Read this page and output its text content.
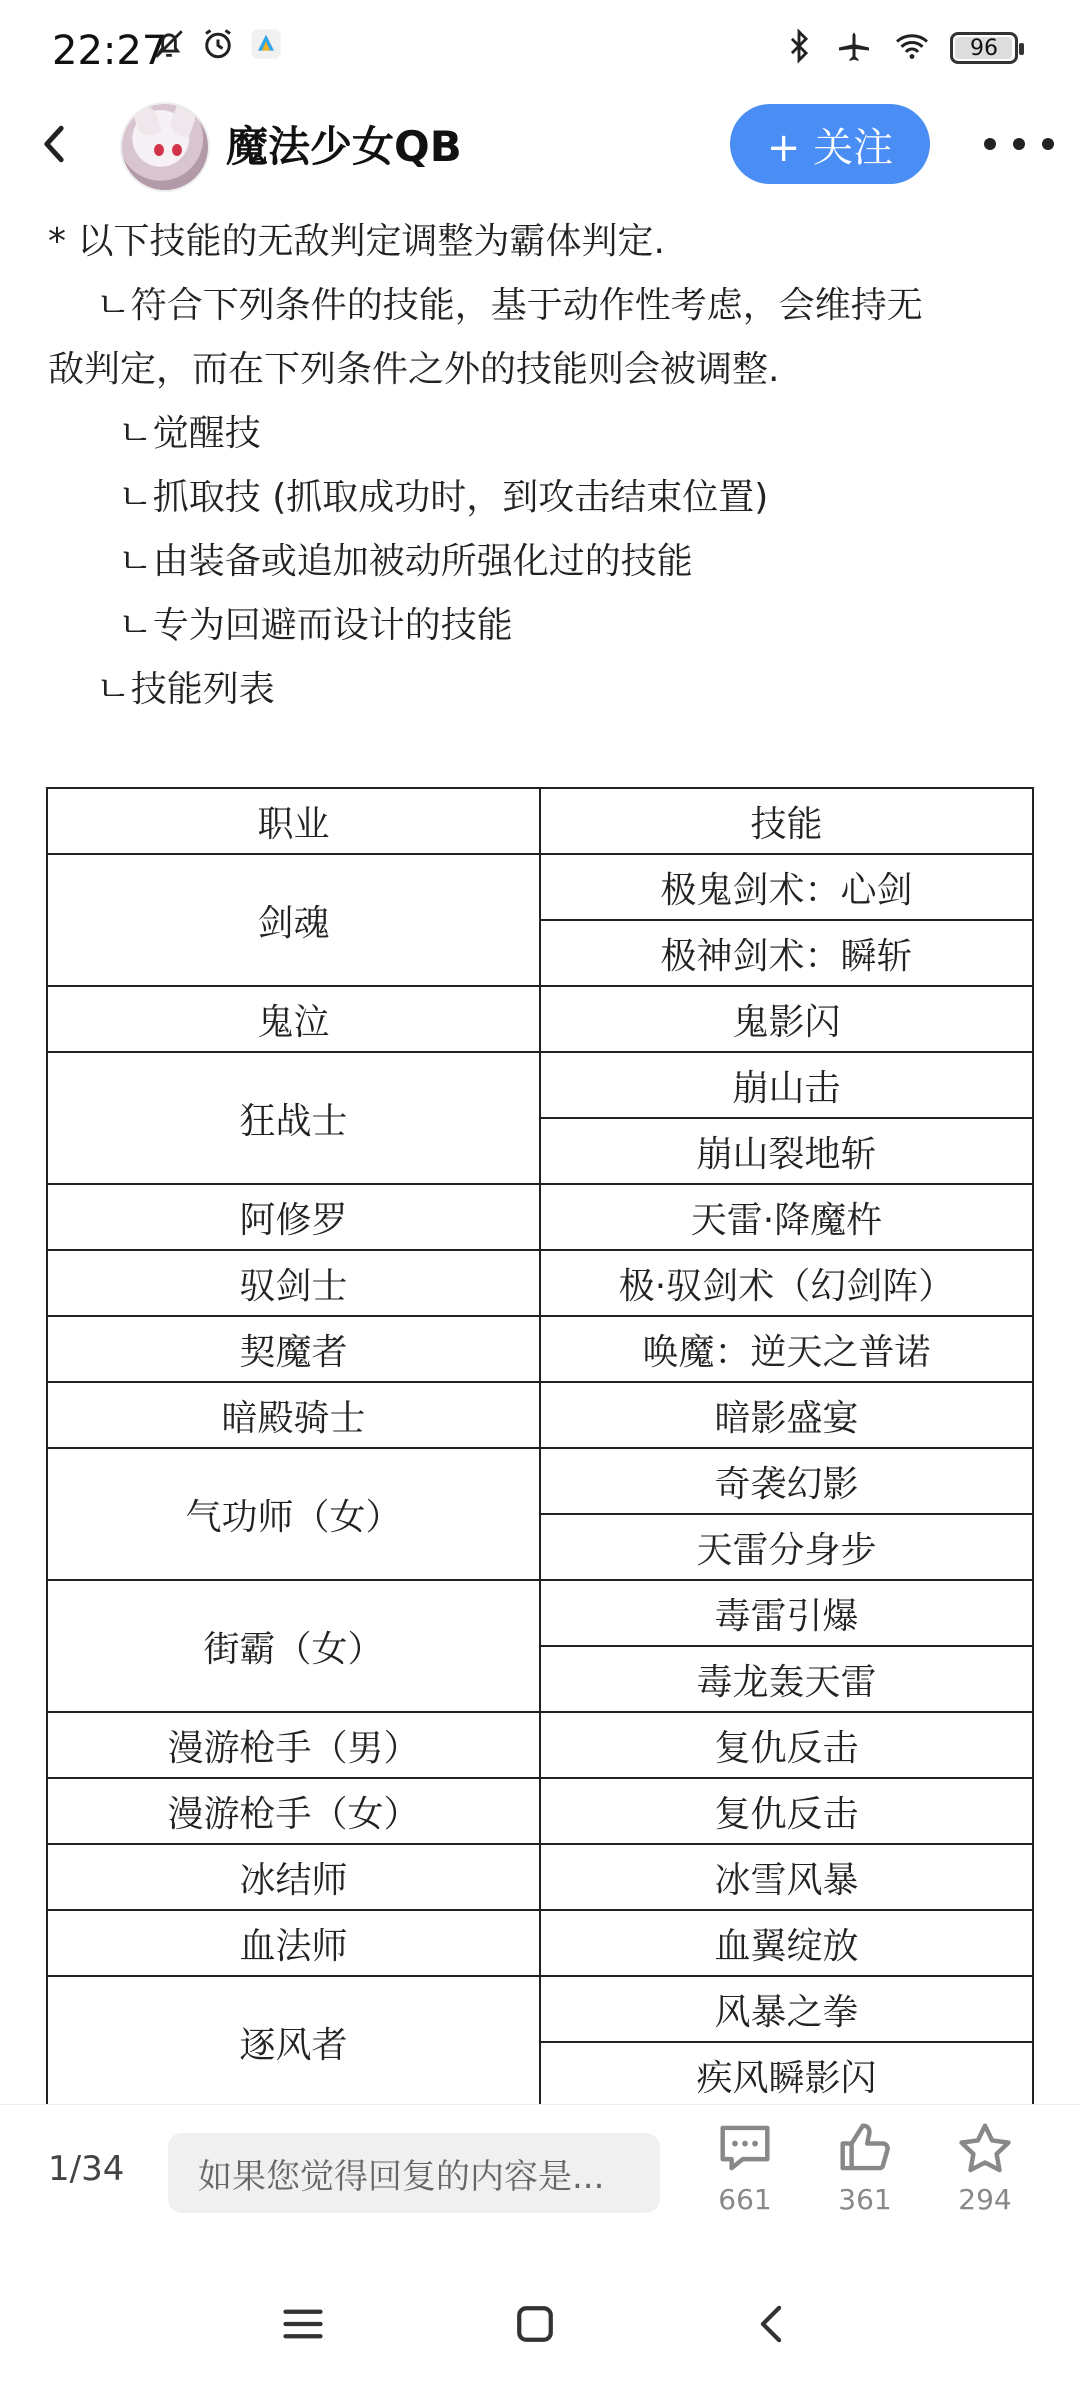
22:27	96
魔法少女QB	+ 关注
* 以下技能的无敌判定调整为霸体判定.
ㄴ符合下列条件的技能，基于动作性考虑，会维持无
敌判定，而在下列条件之外的技能则会被调整.
ㄴ觉醒技
ㄴ抓取技 (抓取成功时，到攻击结束位置)
ㄴ由装备或追加被动所强化过的技能
ㄴ专为回避而设计的技能
ㄴ技能列表
职业	技能
剑魂	极鬼剑术：心剑
	极神剑术：瞬斩
鬼泣	鬼影闪
狂战士	崩山击
	崩山裂地斩
阿修罗	天雷·降魔杵
驭剑士	极·驭剑术（幻剑阵）
契魔者	唤魔：逆天之普诺
暗殿骑士	暗影盛宴
气功师（女）	奇袭幻影
	天雷分身步
街霸（女）	毒雷引爆
	毒龙轰天雷
漫游枪手（男）	复仇反击
漫游枪手（女）	复仇反击
冰结师	冰雪风暴
血法师	血翼绽放
逐风者	风暴之拳
	疾风瞬影闪
1/34	如果您觉得回复的内容是...
661	361	294
